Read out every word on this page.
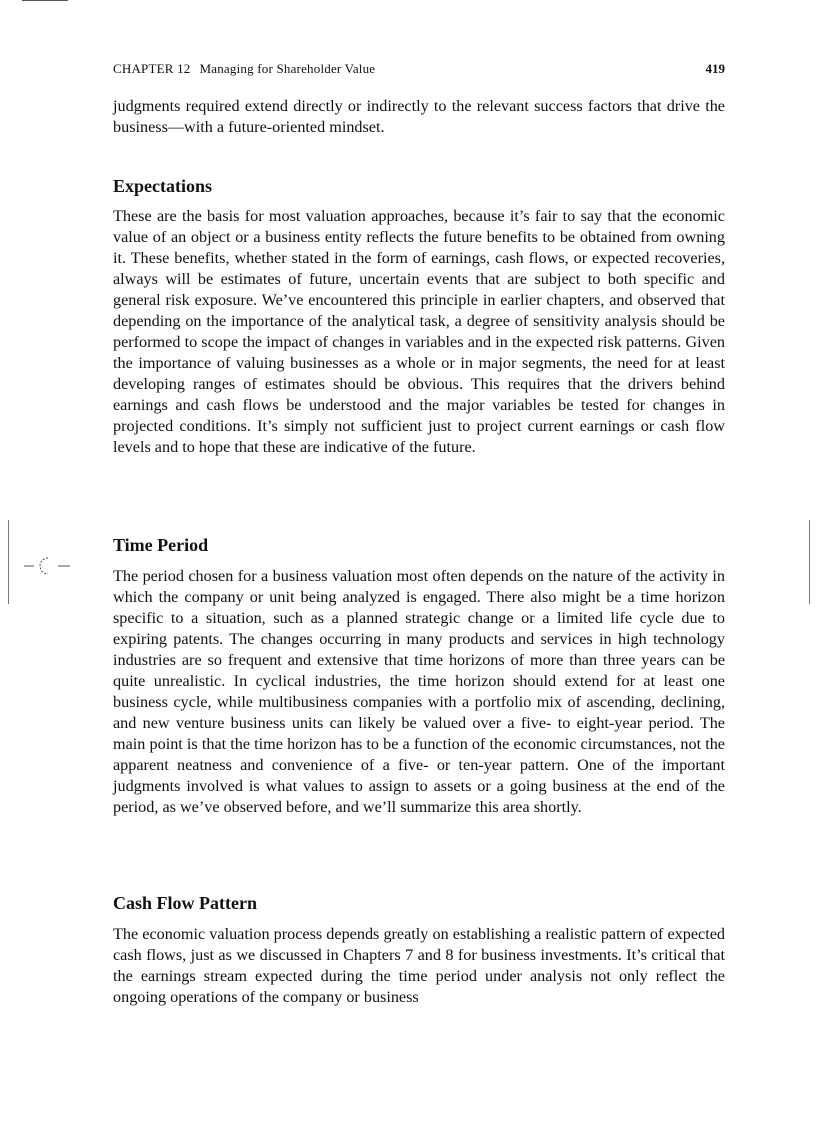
CHAPTER 12 Managing for Shareholder Value	419

judgments required extend directly or indirectly to the relevant success factors that drive the business—with a future-oriented mindset.

Expectations

These are the basis for most valuation approaches, because it’s fair to say that the economic value of an object or a business entity reflects the future benefits to be obtained from owning it. These benefits, whether stated in the form of earnings, cash flows, or expected recoveries, always will be estimates of future, uncertain events that are subject to both specific and general risk exposure. We’ve encountered this principle in earlier chapters, and observed that depending on the importance of the analytical task, a degree of sensitivity analysis should be performed to scope the impact of changes in variables and in the expected risk patterns. Given the importance of valuing businesses as a whole or in major segments, the need for at least developing ranges of estimates should be obvious. This requires that the drivers behind earnings and cash flows be understood and the major variables be tested for changes in projected conditions. It’s simply not sufficient just to project current earnings or cash flow levels and to hope that these are indicative of the future.

Time Period

The period chosen for a business valuation most often depends on the nature of the activity in which the company or unit being analyzed is engaged. There also might be a time horizon specific to a situation, such as a planned strategic change or a limited life cycle due to expiring patents. The changes occurring in many products and services in high technology industries are so frequent and extensive that time horizons of more than three years can be quite unrealistic. In cyclical industries, the time horizon should extend for at least one business cycle, while multibusiness companies with a portfolio mix of ascending, declining, and new venture business units can likely be valued over a five- to eight-year period. The main point is that the time horizon has to be a function of the economic circumstances, not the apparent neatness and convenience of a five- or ten-year pattern. One of the important judgments involved is what values to assign to assets or a going business at the end of the period, as we’ve observed before, and we’ll summarize this area shortly.

Cash Flow Pattern

The economic valuation process depends greatly on establishing a realistic pattern of expected cash flows, just as we discussed in Chapters 7 and 8 for business investments. It’s critical that the earnings stream expected during the time period under analysis not only reflect the ongoing operations of the company or business
